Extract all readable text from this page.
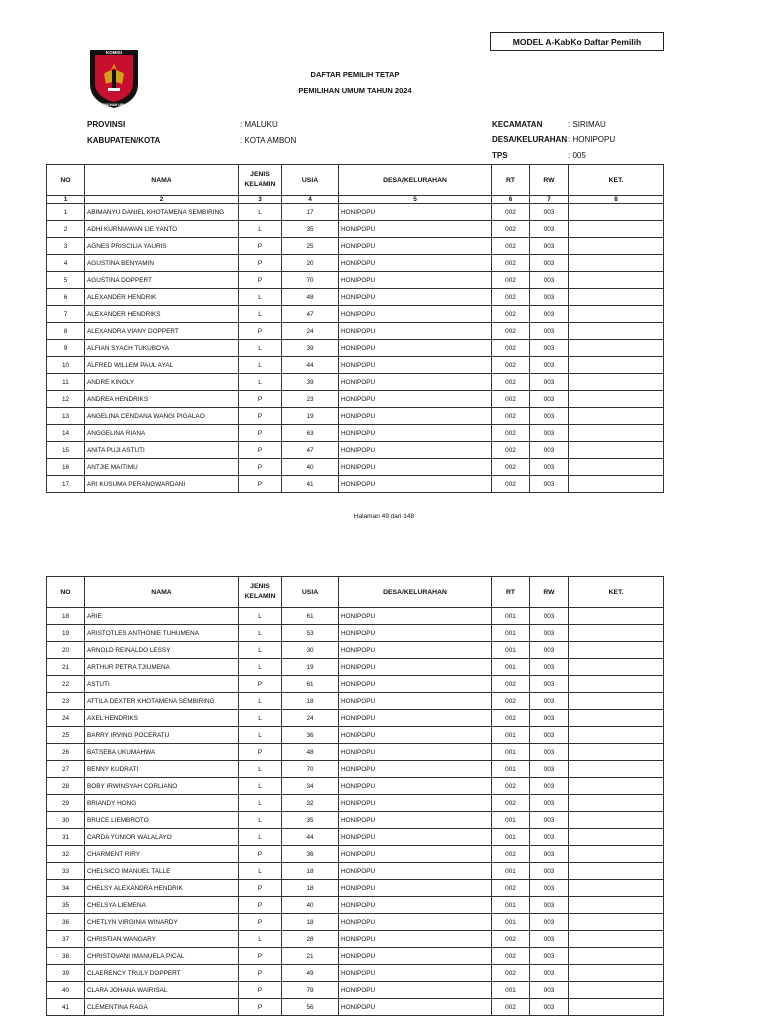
MODEL A-KabKo Daftar Pemilih
KOMISI
PEMILIHAN UMUM
DAFTAR PEMILIH TETAP
PEMILIHAN UMUM TAHUN 2024
PROVINSI	: MALUKU
KABUPATEN/KOTA	: KOTA AMBON
KECAMATAN	: SIRIMAU
DESA/KELURAHAN : HONIPOPU
TPS	: 005
NO	NAMA	JENIS KELAMIN	USIA	DESA/KELURAHAN	RT	RW	KET.
1	2	3	4	5	6	7	8
1	ABIMANYU DANIEL KHOTAMENA SEMBIRING	L	17	HONIPOPU	002	003	
2	ADHI KURNIAWAN LIE YANTO	L	35	HONIPOPU	002	003	
3	AGNES PRISCILIA YAURIS	P	25	HONIPOPU	002	003	
4	AGUSTINA BENYAMIN	P	20	HONIPOPU	002	003	
5	AGUSTINA DOPPERT	P	70	HONIPOPU	002	003	
6	ALEXANDER HENDRIK	L	48	HONIPOPU	002	003	
7	ALEXANDER HENDRIKS	L	47	HONIPOPU	002	003	
8	ALEXANDRA VIANY DOPPERT	P	24	HONIPOPU	002	003	
9	ALFIAN SYACH TUKUBOYA	L	39	HONIPOPU	002	003	
10	ALFRED WILLEM PAUL AYAL	L	44	HONIPOPU	002	003	
11	ANDRE KINOLY	L	39	HONIPOPU	002	003	
12	ANDREA HENDRIKS	P	23	HONIPOPU	002	003	
13	ANGELINA CENDANA WANGI PIGALAO	P	19	HONIPOPU	002	003	
14	ANGGELINA RIANA	P	63	HONIPOPU	002	003	
15	ANITA PUJI ASTUTI	P	47	HONIPOPU	002	003	
16	ANTJIE MAITIMU	P	40	HONIPOPU	002	003	
17	ARI KUSUMA PERANGWARDANI	P	41	HONIPOPU	002	003	
Halaman 49 dari 148
NO	NAMA	JENIS KELAMIN	USIA	DESA/KELURAHAN	RT	RW	KET.
18	ARIE	L	61	HONIPOPU	001	003	
19	ARISTOTLES ANTHONIE TUHUMENA	L	53	HONIPOPU	001	003	
20	ARNOLD REINALDO LESSY	L	30	HONIPOPU	001	003	
21	ARTHUR PETRA TJIUMENA	L	19	HONIPOPU	001	003	
22	ASTUTI	P	61	HONIPOPU	002	003	
23	ATTILA DEXTER KHOTAMENA SEMBIRING	L	18	HONIPOPU	002	003	
24	AXEL HENDRIKS	L	24	HONIPOPU	002	003	
25	BARRY IRVING POCERATU	L	36	HONIPOPU	001	003	
26	BATSEBA UKUMAHWA	P	48	HONIPOPU	001	003	
27	BENNY KUDRATI	L	70	HONIPOPU	001	003	
28	BOBY IRWINSYAH CORLIANO	L	34	HONIPOPU	002	003	
29	BRIANDY HONG	L	32	HONIPOPU	002	003	
30	BRUCE LIEMBROTO	L	35	HONIPOPU	001	003	
31	CARDA YUNIOR WALALAYO	L	44	HONIPOPU	001	003	
32	CHARMENT RIRY	P	36	HONIPOPU	002	003	
33	CHELSICO IMANUEL TALLE	L	18	HONIPOPU	001	003	
34	CHELSY ALEXANDRA HENDRIK	P	18	HONIPOPU	002	003	
35	CHELSYA LIEMENA	P	40	HONIPOPU	001	003	
36	CHETLYN VIRGINIA WINARDY	P	18	HONIPOPU	001	003	
37	CHRISTIAN WANGARY	L	28	HONIPOPU	002	003	
38	CHRISTOVANI IMANUELA PICAL	P	21	HONIPOPU	002	003	
39	CLAERENCY TRULY DOPPERT	P	49	HONIPOPU	002	003	
40	CLARA JOHANA WAIRISAL	P	79	HONIPOPU	001	003	
41	CLEMENTINA RAGA	P	56	HONIPOPU	002	003	
